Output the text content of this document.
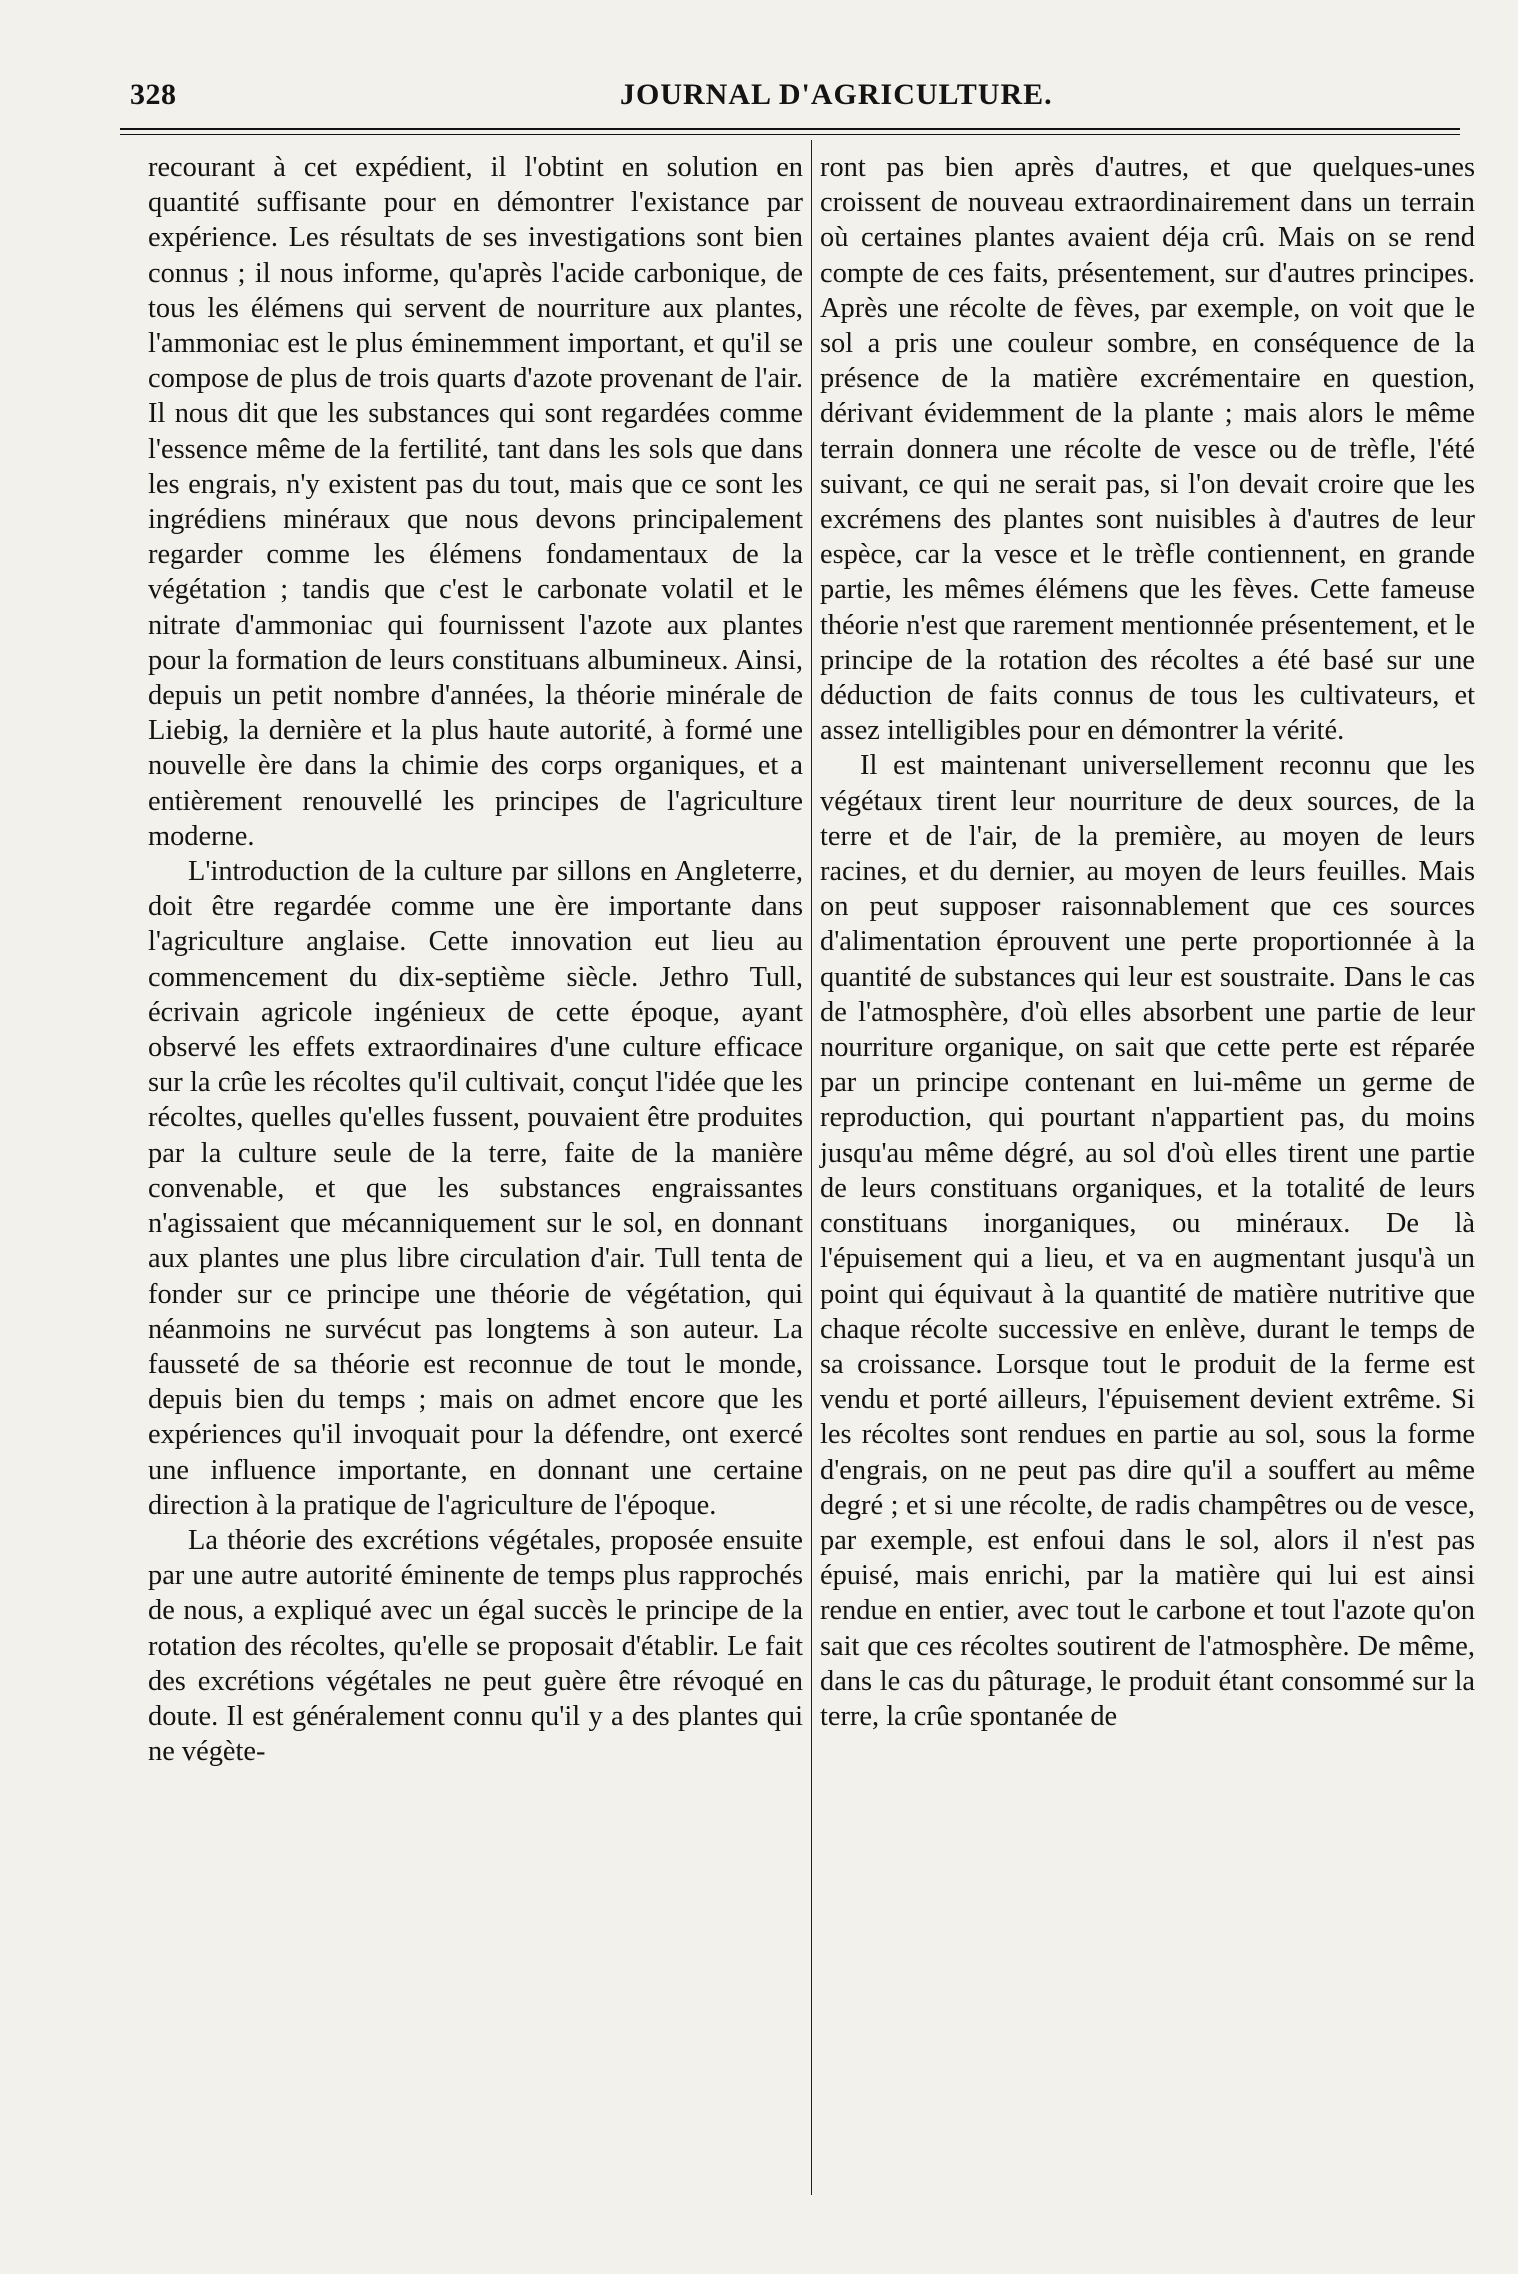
328	JOURNAL D'AGRICULTURE.

recourant à cet expédient, il l'obtint en solution en quantité suffisante pour en démontrer l'existance par expérience. Les résultats de ses investigations sont bien connus ; il nous informe, qu'après l'acide carbonique, de tous les élémens qui servent de nourriture aux plantes, l'ammoniac est le plus éminemment important, et qu'il se compose de plus de trois quarts d'azote provenant de l'air. Il nous dit que les substances qui sont regardées comme l'essence même de la fertilité, tant dans les sols que dans les engrais, n'y existent pas du tout, mais que ce sont les ingrédiens minéraux que nous devons principalement regarder comme les élémens fondamentaux de la végétation ; tandis que c'est le carbonate volatil et le nitrate d'ammoniac qui fournissent l'azote aux plantes pour la formation de leurs constituans albumineux. Ainsi, depuis un petit nombre d'années, la théorie minérale de Liebig, la dernière et la plus haute autorité, à formé une nouvelle ère dans la chimie des corps organiques, et a entièrement renouvellé les principes de l'agriculture moderne.

L'introduction de la culture par sillons en Angleterre, doit être regardée comme une ère importante dans l'agriculture anglaise. Cette innovation eut lieu au commencement du dix-septième siècle. Jethro Tull, écrivain agricole ingénieux de cette époque, ayant observé les effets extraordinaires d'une culture efficace sur la crûe les récoltes qu'il cultivait, conçut l'idée que les récoltes, quelles qu'elles fussent, pouvaient être produites par la culture seule de la terre, faite de la manière convenable, et que les substances engraissantes n'agissaient que mécanniquement sur le sol, en donnant aux plantes une plus libre circulation d'air. Tull tenta de fonder sur ce principe une théorie de végétation, qui néanmoins ne survécut pas longtems à son auteur. La fausseté de sa théorie est reconnue de tout le monde, depuis bien du temps ; mais on admet encore que les expériences qu'il invoquait pour la défendre, ont exercé une influence importante, en donnant une certaine direction à la pratique de l'agriculture de l'époque.

La théorie des excrétions végétales, proposée ensuite par une autre autorité éminente de temps plus rapprochés de nous, a expliqué avec un égal succès le principe de la rotation des récoltes, qu'elle se proposait d'établir. Le fait des excrétions végétales ne peut guère être révoqué en doute. Il est généralement connu qu'il y a des plantes qui ne végète-

ront pas bien après d'autres, et que quelques-unes croissent de nouveau extraordinairement dans un terrain où certaines plantes avaient déja crû. Mais on se rend compte de ces faits, présentement, sur d'autres principes. Après une récolte de fèves, par exemple, on voit que le sol a pris une couleur sombre, en conséquence de la présence de la matière excrémentaire en question, dérivant évidemment de la plante ; mais alors le même terrain donnera une récolte de vesce ou de trèfle, l'été suivant, ce qui ne serait pas, si l'on devait croire que les excrémens des plantes sont nuisibles à d'autres de leur espèce, car la vesce et le trèfle contiennent, en grande partie, les mêmes élémens que les fèves. Cette fameuse théorie n'est que rarement mentionnée présentement, et le principe de la rotation des récoltes a été basé sur une déduction de faits connus de tous les cultivateurs, et assez intelligibles pour en démontrer la vérité.

Il est maintenant universellement reconnu que les végétaux tirent leur nourriture de deux sources, de la terre et de l'air, de la première, au moyen de leurs racines, et du dernier, au moyen de leurs feuilles. Mais on peut supposer raisonnablement que ces sources d'alimentation éprouvent une perte proportionnée à la quantité de substances qui leur est soustraite. Dans le cas de l'atmosphère, d'où elles absorbent une partie de leur nourriture organique, on sait que cette perte est réparée par un principe contenant en lui-même un germe de reproduction, qui pourtant n'appartient pas, du moins jusqu'au même dégré, au sol d'où elles tirent une partie de leurs constituans organiques, et la totalité de leurs constituans inorganiques, ou minéraux. De là l'épuisement qui a lieu, et va en augmentant jusqu'à un point qui équivaut à la quantité de matière nutritive que chaque récolte successive en enlève, durant le temps de sa croissance. Lorsque tout le produit de la ferme est vendu et porté ailleurs, l'épuisement devient extrême. Si les récoltes sont rendues en partie au sol, sous la forme d'engrais, on ne peut pas dire qu'il a souffert au même degré ; et si une récolte, de radis champêtres ou de vesce, par exemple, est enfoui dans le sol, alors il n'est pas épuisé, mais enrichi, par la matière qui lui est ainsi rendue en entier, avec tout le carbone et tout l'azote qu'on sait que ces récoltes soutirent de l'atmosphère. De même, dans le cas du pâturage, le produit étant consommé sur la terre, la crûe spontanée de
